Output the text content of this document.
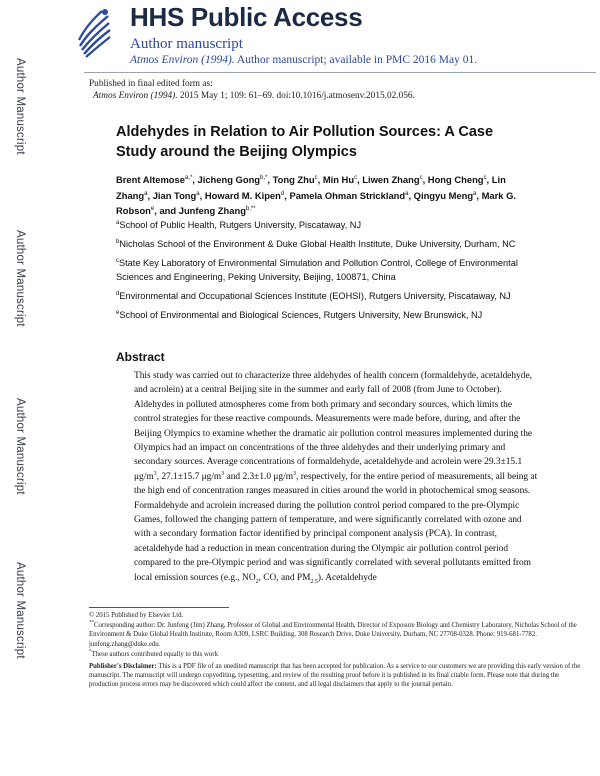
Author Manuscript
Author Manuscript
Author Manuscript
Author Manuscript
HHS Public Access
Author manuscript
Atmos Environ (1994). Author manuscript; available in PMC 2016 May 01.
Published in final edited form as:
Atmos Environ (1994). 2015 May 1; 109: 61–69. doi:10.1016/j.atmosenv.2015.02.056.
Aldehydes in Relation to Air Pollution Sources: A Case Study around the Beijing Olympics
Brent Altemose$^{a,*}$, Jicheng Gong$^{b,*}$, Tong Zhu$^c$, Min Hu$^c$, Liwen Zhang$^c$, Hong Cheng$^c$, Lin Zhang$^a$, Jian Tong$^a$, Howard M. Kipen$^d$, Pamela Ohman Strickland$^a$, Qingyu Meng$^a$, Mark G. Robson$^e$, and Junfeng Zhang$^{b,**}$
$^a$School of Public Health, Rutgers University, Piscataway, NJ
$^b$Nicholas School of the Environment & Duke Global Health Institute, Duke University, Durham, NC
$^c$State Key Laboratory of Environmental Simulation and Pollution Control, College of Environmental Sciences and Engineering, Peking University, Beijing, 100871, China
$^d$Environmental and Occupational Sciences Institute (EOHSI), Rutgers University, Piscataway, NJ
$^e$School of Environmental and Biological Sciences, Rutgers University, New Brunswick, NJ
Abstract
This study was carried out to characterize three aldehydes of health concern (formaldehyde, acetaldehyde, and acrolein) at a central Beijing site in the summer and early fall of 2008 (from June to October). Aldehydes in polluted atmospheres come from both primary and secondary sources, which limits the control strategies for these reactive compounds. Measurements were made before, during, and after the Beijing Olympics to examine whether the dramatic air pollution control measures implemented during the Olympics had an impact on concentrations of the three aldehydes and their underlying primary and secondary sources. Average concentrations of formaldehyde, acetaldehyde and acrolein were 29.3±15.1 $\mu g/m^3$, 27.1±15.7 $\mu g/m^3$ and 2.3±1.0 $\mu g/m^3$, respectively, for the entire period of measurements, all being at the high end of concentration ranges measured in cities around the world in photochemical smog seasons. Formaldehyde and acrolein increased during the pollution control period compared to the pre-Olympic Games, followed the changing pattern of temperature, and were significantly correlated with ozone and with a secondary formation factor identified by principal component analysis (PCA). In contrast, acetaldehyde had a reduction in mean concentration during the Olympic air pollution control period compared to the pre-Olympic period and was significantly correlated with several pollutants emitted from local emission sources (e.g., $NO_2$, CO, and $PM_{2.5}$). Acetaldehyde

© 2015 Published by Elsevier Ltd.

**Corresponding author: Dr. Junfeng (Jim) Zhang, Professor of Global and Environmental Health, Director of Exposure Biology and Chemistry Laboratory, Nicholas School of the Environment & Duke Global Health Institute, Room A309, LSRC Building, 308 Research Drive, Duke University, Durham, NC 27708-0328. Phone: 919-681-7782. junfeng.zhang@duke.edu.

*These authors contributed equally to this work

Publisher's Disclaimer: This is a PDF file of an unedited manuscript that has been accepted for publication. As a service to our customers we are providing this early version of the manuscript. The manuscript will undergo copyediting, typesetting, and review of the resulting proof before it is published in its final citable form. Please note that during the production process errors may be discovered which could affect the content, and all legal disclaimers that apply to the journal pertain.
